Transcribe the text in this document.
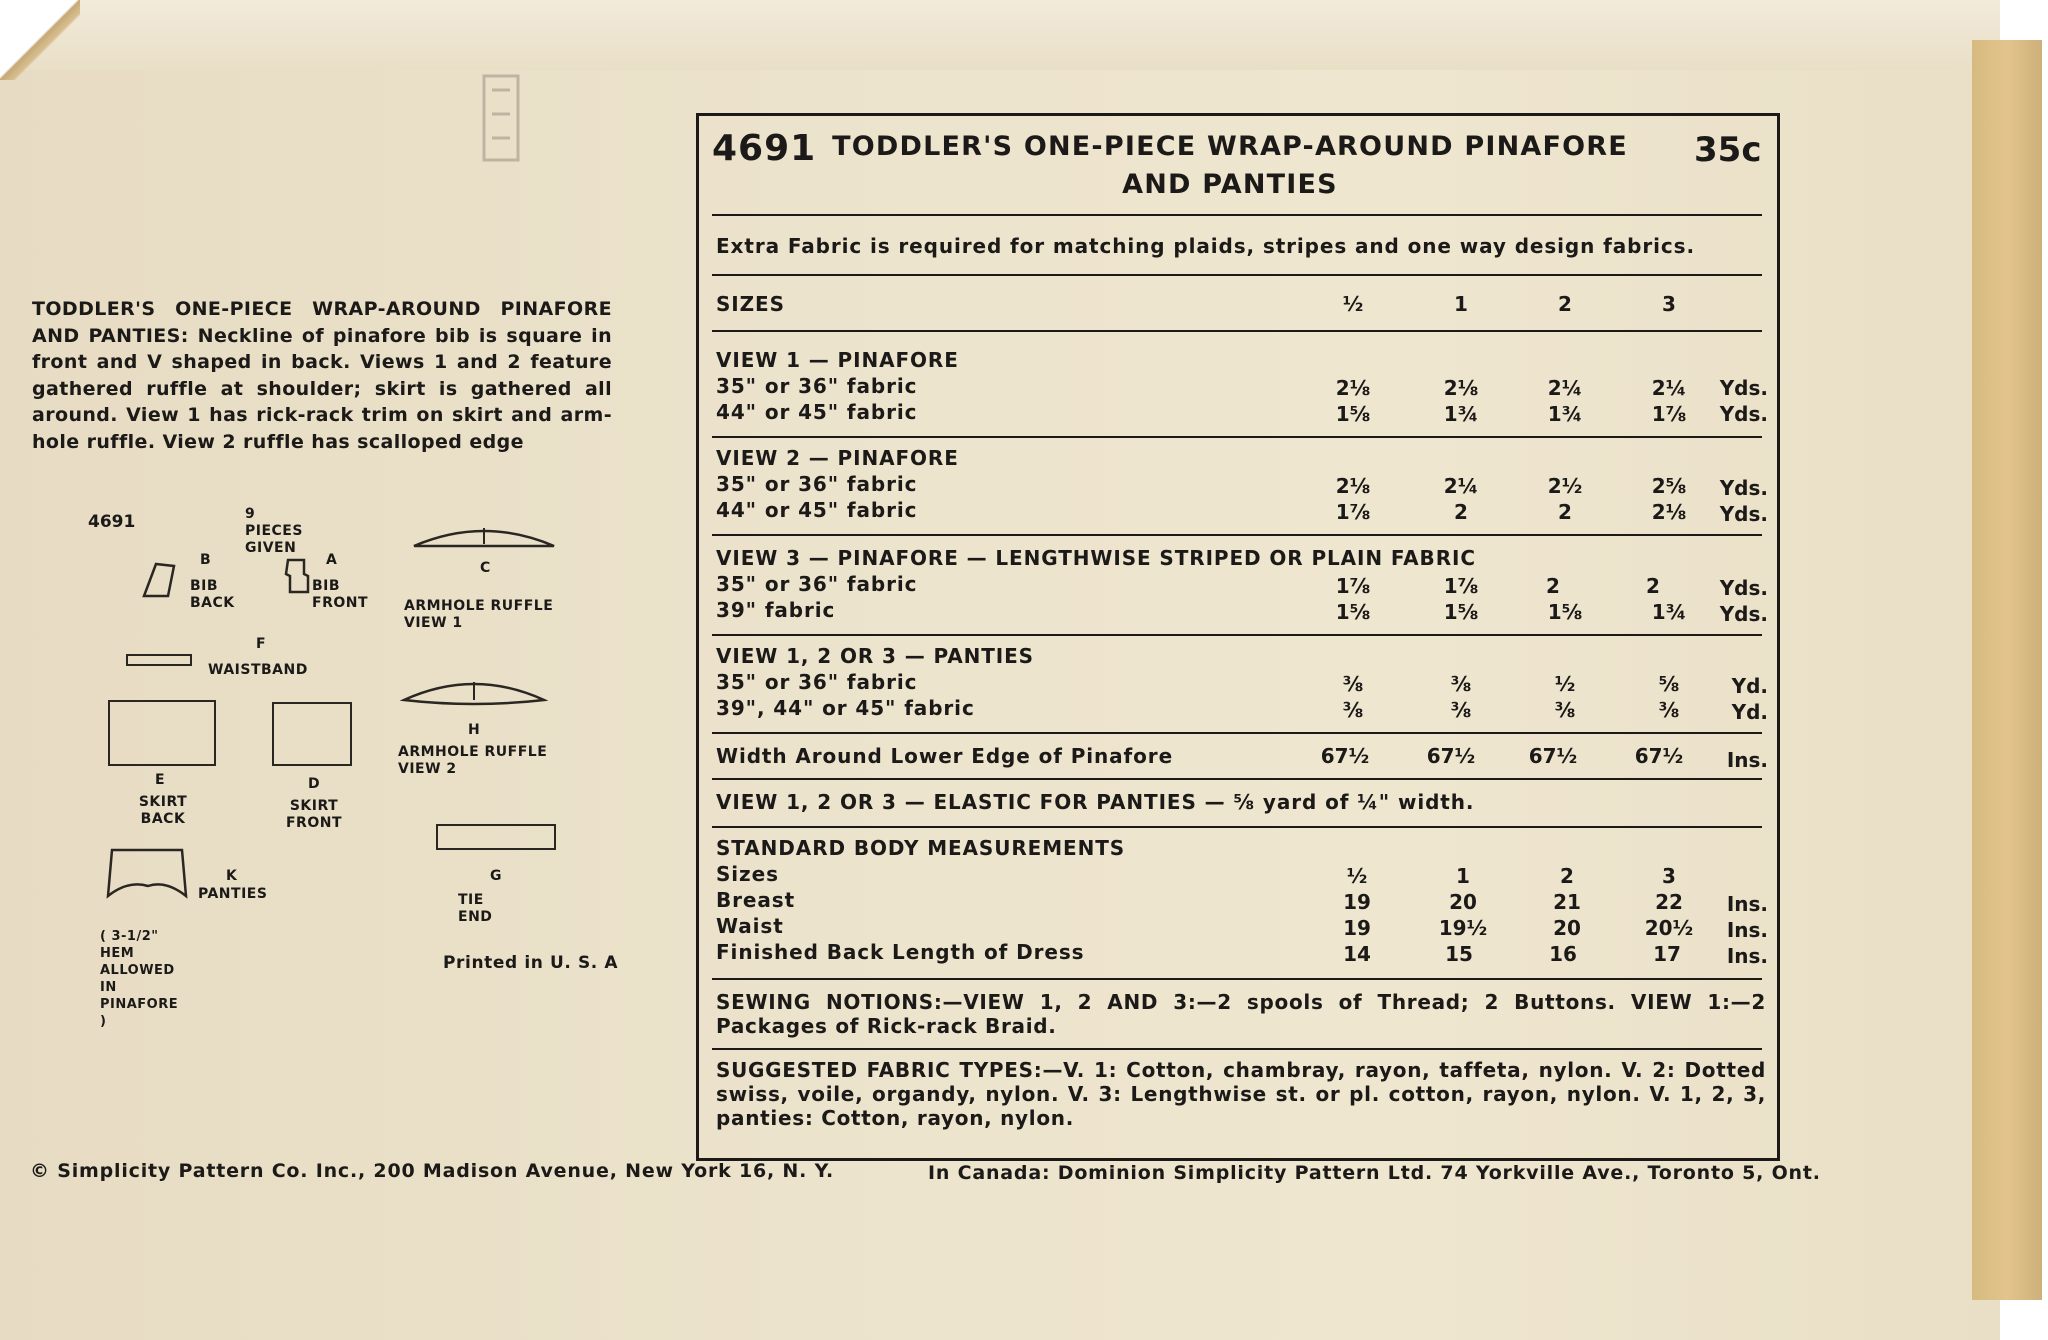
TODDLER'S ONE-PIECE WRAP-AROUND PINAFORE AND PANTIES: Neckline of pinafore bib is square in front and V shaped in back. Views 1 and 2 feature gathered ruffle at shoulder; skirt is gathered all around. View 1 has rick-rack trim on skirt and arm-hole ruffle. View 2 ruffle has scalloped edge
4691	9 PIECES GIVEN
B
BIB BACK
A
BIB FRONT
C
ARMHOLE RUFFLE VIEW 1
F
WAISTBAND
H
ARMHOLE RUFFLE VIEW 2
E
SKIRT BACK
D
SKIRT FRONT
G
TIE END
K
PANTIES
( 3-1/2" HEM ALLOWED IN PINAFORE )
Printed in U. S. A
4691 TODDLER'S ONE-PIECE WRAP-AROUND PINAFORE
AND PANTIES
35c
Extra Fabric is required for matching plaids, stripes and one way design fabrics.
SIZES	½	1	2	3
VIEW 1 — PINAFORE
35" or 36" fabric	2⅛	2⅛	2¼	2¼	Yds.
44" or 45" fabric	1⅝	1¾	1¾	1⅞	Yds.
VIEW 2 — PINAFORE
35" or 36" fabric	2⅛	2¼	2½	2⅝	Yds.
44" or 45" fabric	1⅞	2	2	2⅛	Yds.
VIEW 3 — PINAFORE — LENGTHWISE STRIPED OR PLAIN FABRIC
35" or 36" fabric	1⅞	1⅞	2	2	Yds.
39" fabric	1⅝	1⅝	1⅝	1¾	Yds.
VIEW 1, 2 OR 3 — PANTIES
35" or 36" fabric	⅜	⅜	½	⅝	Yd.
39", 44" or 45" fabric	⅜	⅜	⅜	⅜	Yd.
Width Around Lower Edge of Pinafore	67½	67½	67½	67½	Ins.
VIEW 1, 2 OR 3 — ELASTIC FOR PANTIES — ⅝ yard of ¼" width.
STANDARD BODY MEASUREMENTS
Sizes	½	1	2	3
Breast	19	20	21	22	Ins.
Waist	19	19½	20	20½	Ins.
Finished Back Length of Dress	14	15	16	17	Ins.
SEWING NOTIONS:—VIEW 1, 2 AND 3:—2 spools of Thread; 2 Buttons. VIEW 1:—2 Packages of Rick-rack Braid.
SUGGESTED FABRIC TYPES:—V. 1: Cotton, chambray, rayon, taffeta, nylon. V. 2: Dotted swiss, voile, organdy, nylon. V. 3: Lengthwise st. or pl. cotton, rayon, nylon. V. 1, 2, 3, panties: Cotton, rayon, nylon.
© Simplicity Pattern Co. Inc., 200 Madison Avenue, New York 16, N. Y.	In Canada: Dominion Simplicity Pattern Ltd. 74 Yorkville Ave., Toronto 5, Ont.
